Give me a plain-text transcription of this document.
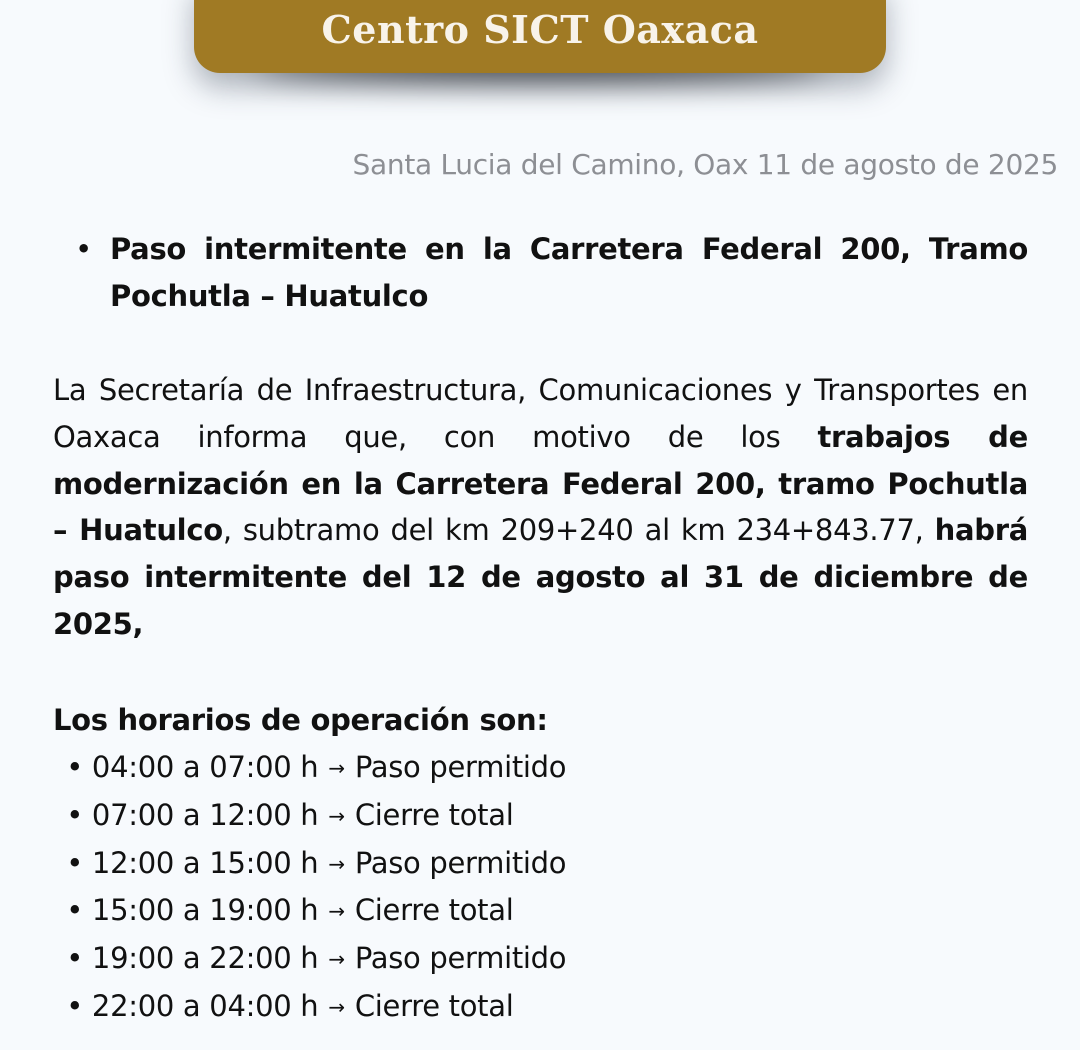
Centro SICT Oaxaca
Santa Lucia del Camino, Oax 11 de agosto de 2025
• Paso intermitente en la Carretera Federal 200, Tramo Pochutla – Huatulco
La Secretaría de Infraestructura, Comunicaciones y Transportes en Oaxaca informa que, con motivo de los trabajos de modernización en la Carretera Federal 200, tramo Pochutla – Huatulco, subtramo del km 209+240 al km 234+843.77, habrá paso intermitente del 12 de agosto al 31 de diciembre de 2025,
Los horarios de operación son:
• 04:00 a 07:00 h → Paso permitido
• 07:00 a 12:00 h → Cierre total
• 12:00 a 15:00 h → Paso permitido
• 15:00 a 19:00 h → Cierre total
• 19:00 a 22:00 h → Paso permitido
• 22:00 a 04:00 h → Cierre total
